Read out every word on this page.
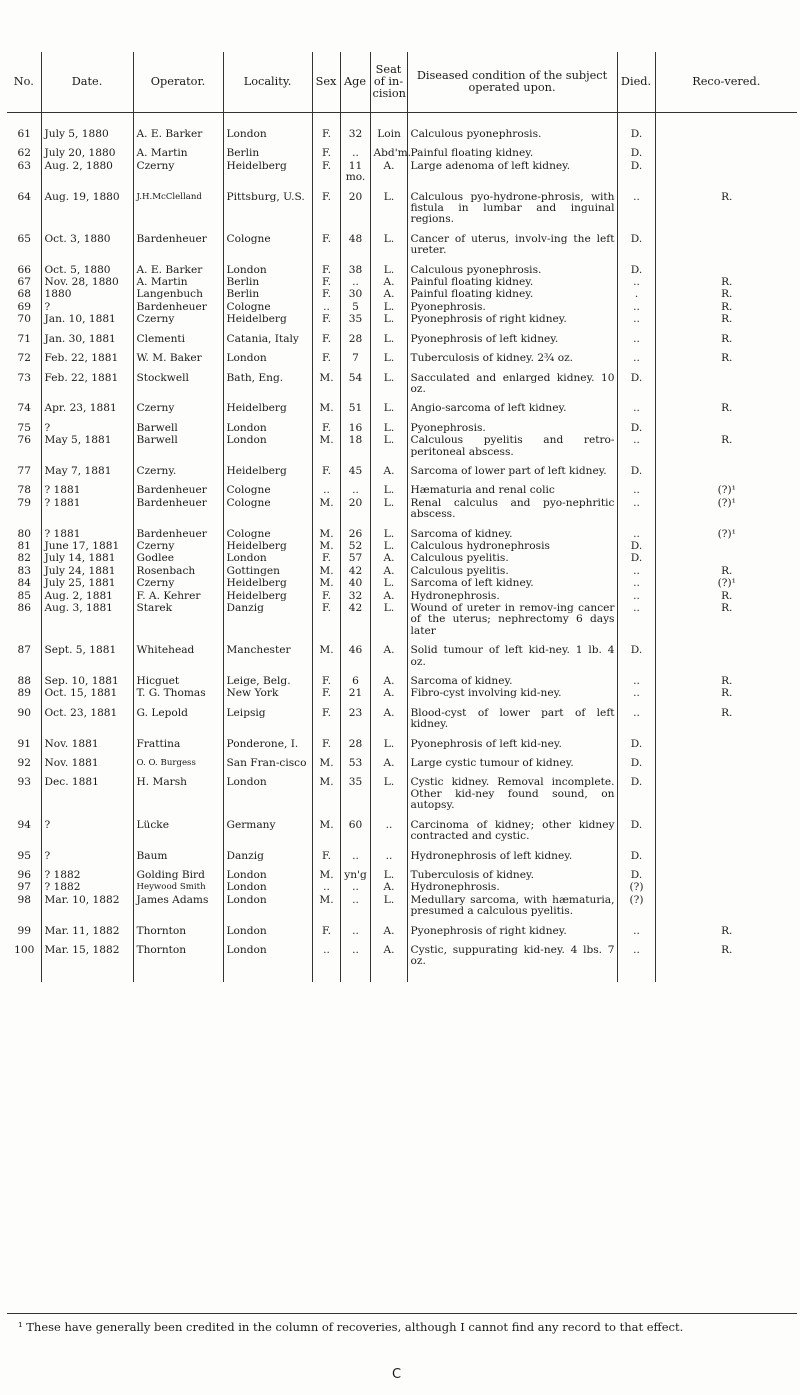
No.	Date.	Operator.	Locality.	Sex	Age	Seat of in-cision	Diseased condition of the subject operated upon.	Died.	Reco-vered.
61	July 5, 1880	A. E. Barker	London	F.	32	Loin	Calculous pyonephrosis.	D.	
62	July 20, 1880	A. Martin	Berlin	F.	..	Abd'm.	Painful floating kidney.	D.	
63	Aug. 2, 1880	Czerny	Heidelberg	F.	11 mo.	A.	Large adenoma of left kidney.	D.	
64	Aug. 19, 1880	J.H.McClelland	Pittsburg, U.S.	F.	20	L.	Calculous pyo-hydrone-phrosis, with fistula in lumbar and inguinal regions.	..	R.
65	Oct. 3, 1880	Bardenheuer	Cologne	F.	48	L.	Cancer of uterus, involv-ing the left ureter.	D.	
66	Oct. 5, 1880	A. E. Barker	London	F.	38	L.	Calculous pyonephrosis.	D.	
67	Nov. 28, 1880	A. Martin	Berlin	F.	..	A.	Painful floating kidney.	..	R.
68	1880	Langenbuch	Berlin	F.	30	A.	Painful floating kidney.	.	R.
69	?	Bardenheuer	Cologne	..	5	L.	Pyonephrosis.	..	R.
70	Jan. 10, 1881	Czerny	Heidelberg	F.	35	L.	Pyonephrosis of right kidney.	..	R.
71	Jan. 30, 1881	Clementi	Catania, Italy	F.	28	L.	Pyonephrosis of left kidney.	..	R.
72	Feb. 22, 1881	W. M. Baker	London	F.	7	L.	Tuberculosis of kidney. 2¾ oz.	..	R.
73	Feb. 22, 1881	Stockwell	Bath, Eng.	M.	54	L.	Sacculated and enlarged kidney. 10 oz.	D.	
74	Apr. 23, 1881	Czerny	Heidelberg	M.	51	L.	Angio-sarcoma of left kidney.	..	R.
75	?	Barwell	London	F.	16	L.	Pyonephrosis.	D.	
76	May 5, 1881	Barwell	London	M.	18	L.	Calculous pyelitis and retro-peritoneal abscess.	..	R.
77	May 7, 1881	Czerny.	Heidelberg	F.	45	A.	Sarcoma of lower part of left kidney.	D.	
78	? 1881	Bardenheuer	Cologne	..	..	L.	Hæmaturia and renal colic	..	(?)¹
79	? 1881	Bardenheuer	Cologne	M.	20	L.	Renal calculus and pyo-nephritic abscess.	..	(?)¹
80	? 1881	Bardenheuer	Cologne	M.	26	L.	Sarcoma of kidney.	..	(?)¹
81	June 17, 1881	Czerny	Heidelberg	M.	52	L.	Calculous hydronephrosis	D.	
82	July 14, 1881	Godlee	London	F.	57	A.	Calculous pyelitis.	D.	
83	July 24, 1881	Rosenbach	Gottingen	M.	42	A.	Calculous pyelitis.	..	R.
84	July 25, 1881	Czerny	Heidelberg	M.	40	L.	Sarcoma of left kidney.	..	(?)¹
85	Aug. 2, 1881	F. A. Kehrer	Heidelberg	F.	32	A.	Hydronephrosis.	..	R.
86	Aug. 3, 1881	Starek	Danzig	F.	42	L.	Wound of ureter in remov-ing cancer of the uterus; nephrectomy 6 days later	..	R.
87	Sept. 5, 1881	Whitehead	Manchester	M.	46	A.	Solid tumour of left kid-ney. 1 lb. 4 oz.	D.	
88	Sep. 10, 1881	Hicguet	Leige, Belg.	F.	6	A.	Sarcoma of kidney.	..	R.
89	Oct. 15, 1881	T. G. Thomas	New York	F.	21	A.	Fibro-cyst involving kid-ney.	..	R.
90	Oct. 23, 1881	G. Lepold	Leipsig	F.	23	A.	Blood-cyst of lower part of left kidney.	..	R.
91	Nov. 1881	Frattina	Ponderone, I.	F.	28	L.	Pyonephrosis of left kid-ney.	D.	
92	Nov. 1881	O. O. Burgess	San Fran-cisco	M.	53	A.	Large cystic tumour of kidney.	D.	
93	Dec. 1881	H. Marsh	London	M.	35	L.	Cystic kidney. Removal incomplete. Other kid-ney found sound, on autopsy.	D.	
94	?	Lücke	Germany	M.	60	..	Carcinoma of kidney; other kidney contracted and cystic.	D.	
95	?	Baum	Danzig	F.	..	..	Hydronephrosis of left kidney.	D.	
96	? 1882	Golding Bird	London	M.	yn'g	L.	Tuberculosis of kidney.	D.	
97	? 1882	Heywood Smith	London	..	..	A.	Hydronephrosis.	(?)	
98	Mar. 10, 1882	James Adams	London	M.	..	L.	Medullary sarcoma, with hæmaturia, presumed a calculous pyelitis.	(?)	
99	Mar. 11, 1882	Thornton	London	F.	..	A.	Pyonephrosis of right kidney.	..	R.
100	Mar. 15, 1882	Thornton	London	..	..	A.	Cystic, suppurating kid-ney. 4 lbs. 7 oz.	..	R.
¹ These have generally been credited in the column of recoveries, although I cannot find any record to that effect.
C
